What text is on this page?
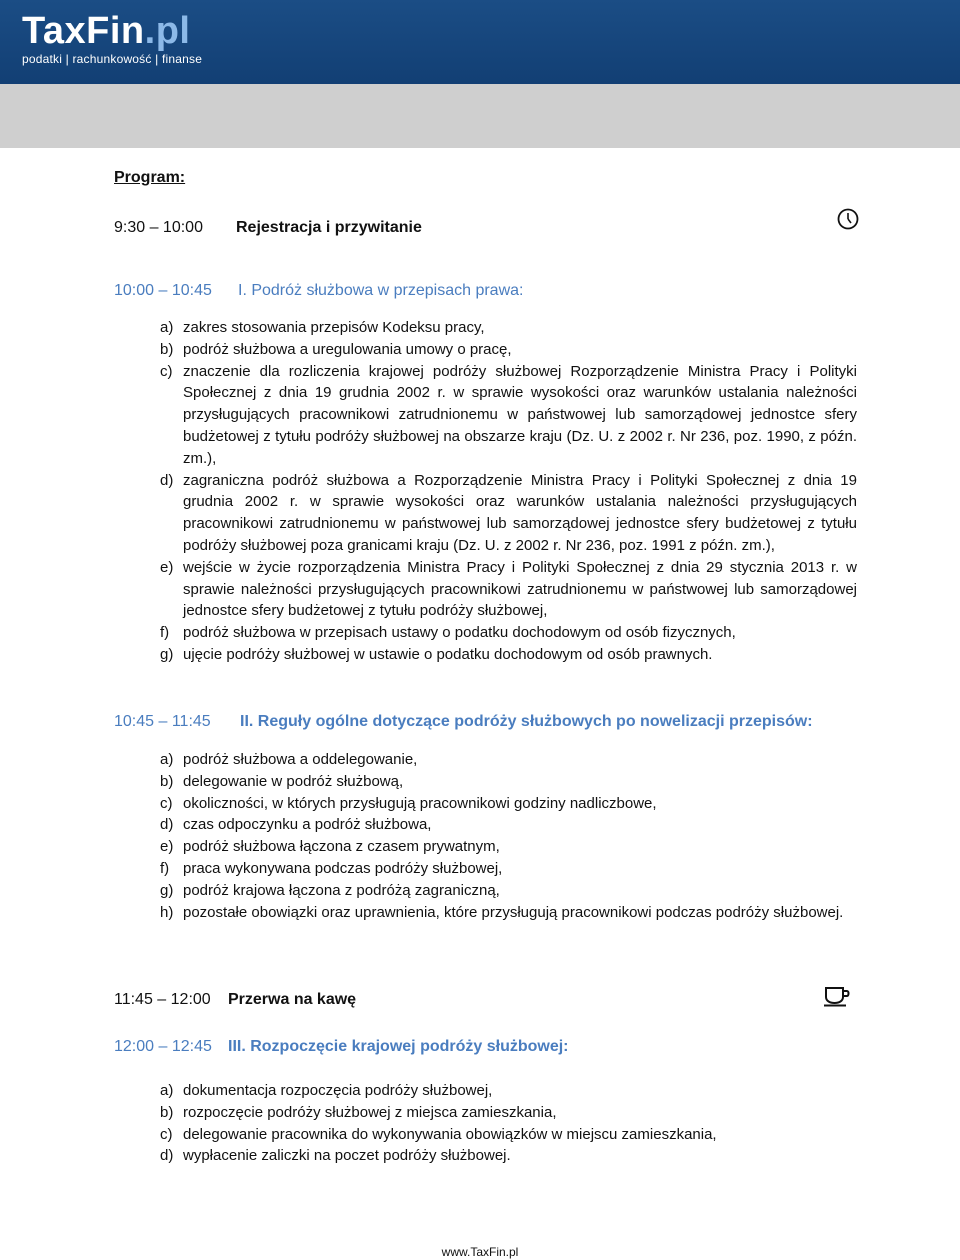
TaxFin.pl
podatki | rachunkowość | finanse
Program:
9:30 – 10:00 Rejestracja i przywitanie
10:00 – 10:45 I. Podróż służbowa w przepisach prawa:
a) zakres stosowania przepisów Kodeksu pracy,
b) podróż służbowa a uregulowania umowy o pracę,
c) znaczenie dla rozliczenia krajowej podróży służbowej Rozporządzenie Ministra Pracy i Polityki Społecznej z dnia 19 grudnia 2002 r. w sprawie wysokości oraz warunków ustalania należności przysługujących pracownikowi zatrudnionemu w państwowej lub samorządowej jednostce sfery budżetowej z tytułu podróży służbowej na obszarze kraju (Dz. U. z 2002 r. Nr 236, poz. 1990, z późn. zm.),
d) zagraniczna podróż służbowa a Rozporządzenie Ministra Pracy i Polityki Społecznej z dnia 19 grudnia 2002 r. w sprawie wysokości oraz warunków ustalania należności przysługujących pracownikowi zatrudnionemu w państwowej lub samorządowej jednostce sfery budżetowej z tytułu podróży służbowej poza granicami kraju (Dz. U. z 2002 r. Nr 236, poz. 1991 z późn. zm.),
e) wejście w życie rozporządzenia Ministra Pracy i Polityki Społecznej z dnia 29 stycznia 2013 r. w sprawie należności przysługujących pracownikowi zatrudnionemu w państwowej lub samorządowej jednostce sfery budżetowej z tytułu podróży służbowej,
f) podróż służbowa w przepisach ustawy o podatku dochodowym od osób fizycznych,
g) ujęcie podróży służbowej w ustawie o podatku dochodowym od osób prawnych.
10:45 – 11:45 II. Reguły ogólne dotyczące podróży służbowych po nowelizacji przepisów:
a) podróż służbowa a oddelegowanie,
b) delegowanie w podróż służbową,
c) okoliczności, w których przysługują pracownikowi godziny nadliczbowe,
d) czas odpoczynku a podróż służbowa,
e) podróż służbowa łączona z czasem prywatnym,
f) praca wykonywana podczas podróży służbowej,
g) podróż krajowa łączona z podróżą zagraniczną,
h) pozostałe obowiązki oraz uprawnienia, które przysługują pracownikowi podczas podróży służbowej.
11:45 – 12:00 Przerwa na kawę
12:00 – 12:45 III. Rozpoczęcie krajowej podróży służbowej:
a) dokumentacja rozpoczęcia podróży służbowej,
b) rozpoczęcie podróży służbowej z miejsca zamieszkania,
c) delegowanie pracownika do wykonywania obowiązków w miejscu zamieszkania,
d) wypłacenie zaliczki na poczet podróży służbowej.
www.TaxFin.pl
